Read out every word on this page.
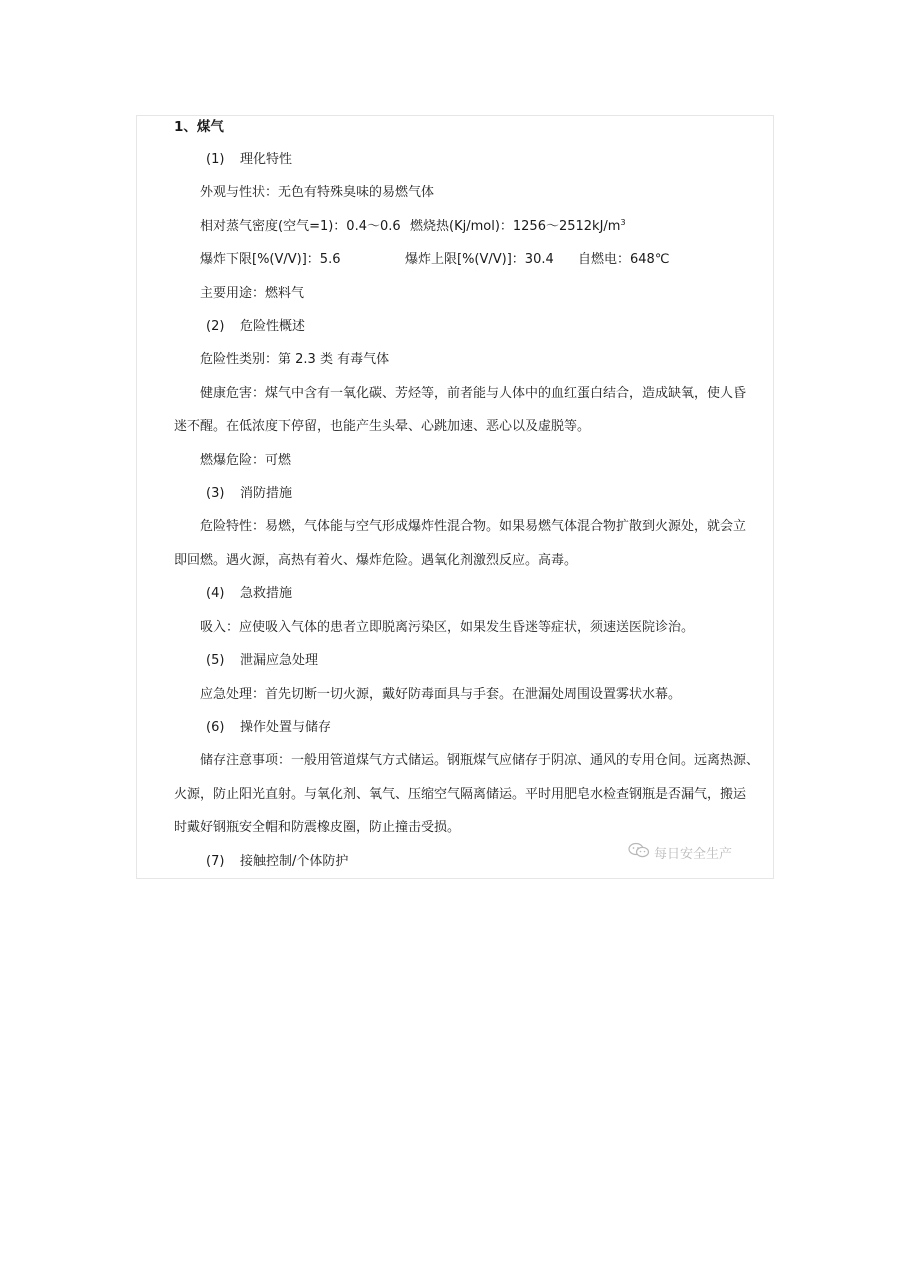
1、煤气
(1) 理化特性
外观与性状：无色有特殊臭味的易燃气体
相对蒸气密度(空气=1)：0.4～0.6 燃烧热(Kj/mol)：$1256\sim 2512kJ/m^3$
爆炸下限[%(V/V)]：5.6	爆炸上限[%(V/V)]：30.4 自燃电：648℃
主要用途：燃料气
(2) 危险性概述
危险性类别：第 2.3 类 有毒气体
健康危害：煤气中含有一氧化碳、芳烃等，前者能与人体中的血红蛋白结合，造成缺氧，使人昏
迷不醒。在低浓度下停留，也能产生头晕、心跳加速、恶心以及虚脱等。
燃爆危险：可燃
(3) 消防措施
危险特性：易燃，气体能与空气形成爆炸性混合物。如果易燃气体混合物扩散到火源处，就会立
即回燃。遇火源，高热有着火、爆炸危险。遇氧化剂激烈反应。高毒。
(4) 急救措施
吸入：应使吸入气体的患者立即脱离污染区，如果发生昏迷等症状，须速送医院诊治。
(5) 泄漏应急处理
应急处理：首先切断一切火源，戴好防毒面具与手套。在泄漏处周围设置雾状水幕。
(6) 操作处置与储存
储存注意事项：一般用管道煤气方式储运。钢瓶煤气应储存于阴凉、通风的专用仓间。远离热源、
火源，防止阳光直射。与氧化剂、氧气、压缩空气隔离储运。平时用肥皂水检查钢瓶是否漏气，搬运
时戴好钢瓶安全帽和防震橡皮圈，防止撞击受损。
(7) 接触控制/个体防护	每日安全生产
